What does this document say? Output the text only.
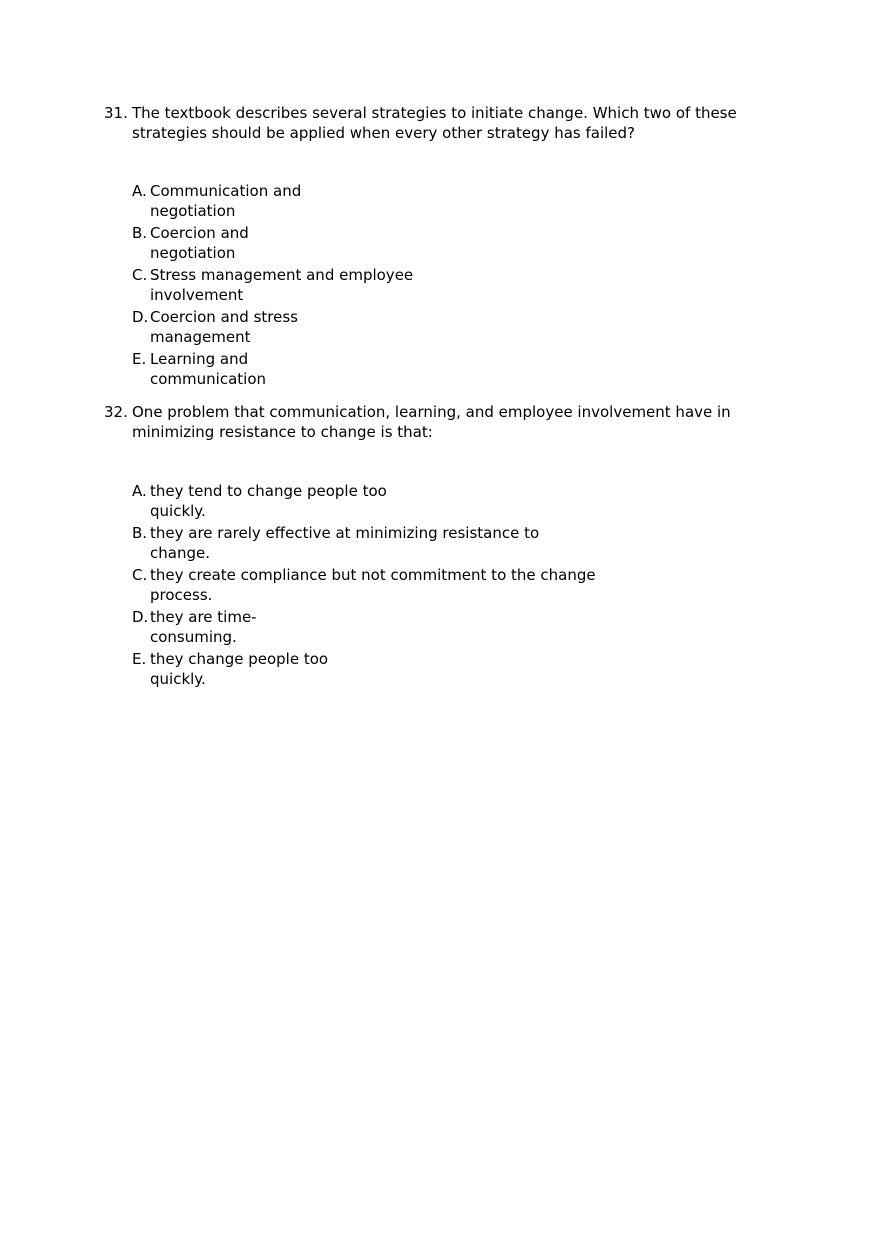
31. The textbook describes several strategies to initiate change. Which two of these
strategies should be applied when every other strategy has failed?
A. Communication and
negotiation
B. Coercion and
negotiation
C. Stress management and employee
involvement
D. Coercion and stress
management
E. Learning and
communication
32. One problem that communication, learning, and employee involvement have in
minimizing resistance to change is that:
A. they tend to change people too
quickly.
B. they are rarely effective at minimizing resistance to
change.
C. they create compliance but not commitment to the change
process.
D. they are time-
consuming.
E. they change people too
quickly.
